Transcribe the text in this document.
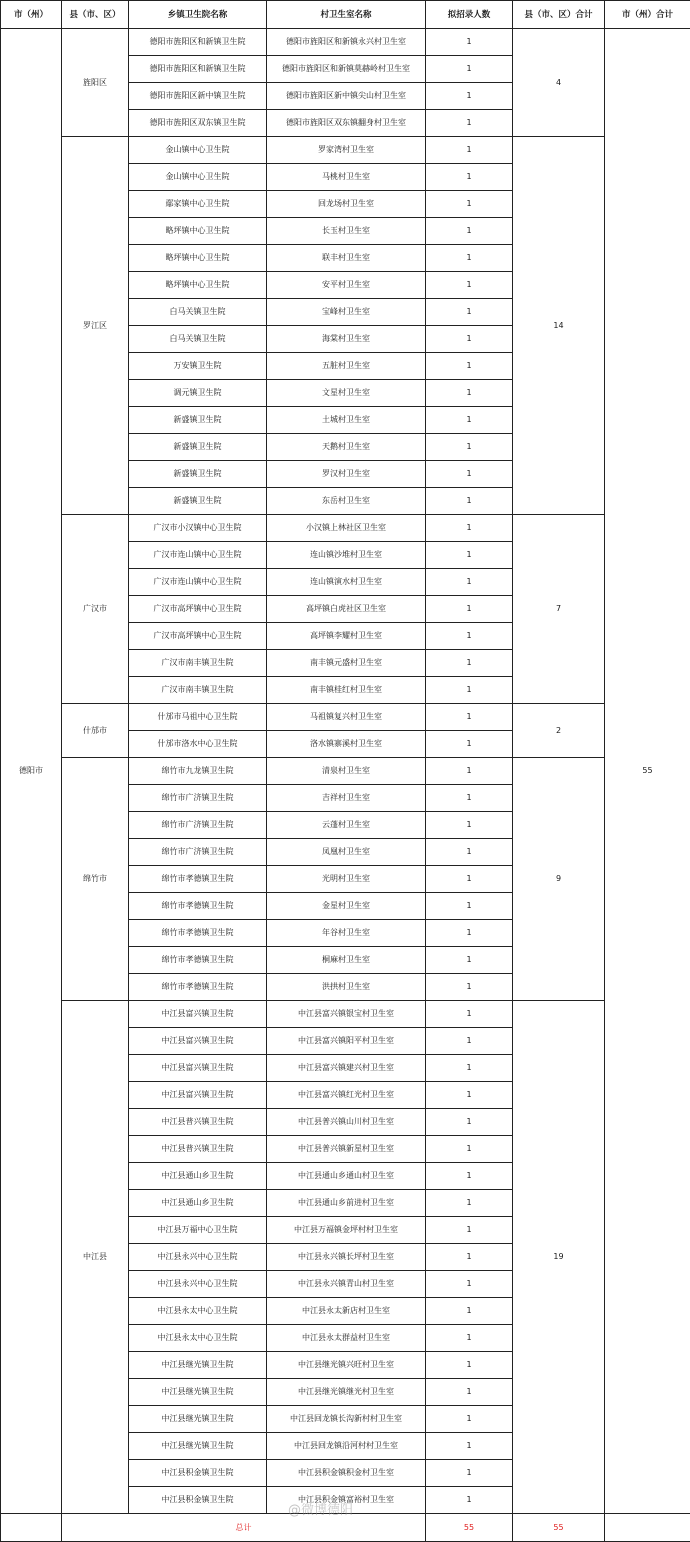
市（州）	县（市、区）	乡镇卫生院名称	村卫生室名称	拟招录人数	县（市、区）合计	市（州）合计
德阳市	旌阳区	德阳市旌阳区和新镇卫生院	德阳市旌阳区和新镇永兴村卫生室	1	4	55
		德阳市旌阳区和新镇卫生院	德阳市旌阳区和新镇莫赫岭村卫生室	1		
		德阳市旌阳区新中镇卫生院	德阳市旌阳区新中镇尖山村卫生室	1		
		德阳市旌阳区双东镇卫生院	德阳市旌阳区双东镇翻身村卫生室	1		
	罗江区	金山镇中心卫生院	罗家湾村卫生室	1	14	
		金山镇中心卫生院	马桃村卫生室	1		
		鄢家镇中心卫生院	回龙场村卫生室	1		
		略坪镇中心卫生院	长玉村卫生室	1		
		略坪镇中心卫生院	联丰村卫生室	1		
		略坪镇中心卫生院	安平村卫生室	1		
		白马关镇卫生院	宝峰村卫生室	1		
		白马关镇卫生院	海棠村卫生室	1		
		万安镇卫生院	五脏村卫生室	1		
		调元镇卫生院	文星村卫生室	1		
		新盛镇卫生院	土城村卫生室	1		
		新盛镇卫生院	天鹅村卫生室	1		
		新盛镇卫生院	罗汉村卫生室	1		
		新盛镇卫生院	东岳村卫生室	1		
	广汉市	广汉市小汉镇中心卫生院	小汉镇上林社区卫生室	1	7	
		广汉市连山镇中心卫生院	连山镇沙堆村卫生室	1		
		广汉市连山镇中心卫生院	连山镇演水村卫生室	1		
		广汉市高坪镇中心卫生院	高坪镇白虎社区卫生室	1		
		广汉市高坪镇中心卫生院	高坪镇李耀村卫生室	1		
		广汉市南丰镇卫生院	南丰镇元盛村卫生室	1		
		广汉市南丰镇卫生院	南丰镇桂红村卫生室	1		
	什邡市	什邡市马祖中心卫生院	马祖镇复兴村卫生室	1	2	
		什邡市洛水中心卫生院	洛水镇寨溪村卫生室	1		
	绵竹市	绵竹市九龙镇卫生院	清泉村卫生室	1	9	
		绵竹市广济镇卫生院	吉祥村卫生室	1		
		绵竹市广济镇卫生院	云蓬村卫生室	1		
		绵竹市广济镇卫生院	凤凰村卫生室	1		
		绵竹市孝德镇卫生院	光明村卫生室	1		
		绵竹市孝德镇卫生院	金星村卫生室	1		
		绵竹市孝德镇卫生院	年谷村卫生室	1		
		绵竹市孝德镇卫生院	桐麻村卫生室	1		
		绵竹市孝德镇卫生院	洪拱村卫生室	1		
	中江县	中江县富兴镇卫生院	中江县富兴镇银宝村卫生室	1	19	
		中江县富兴镇卫生院	中江县富兴镇阳平村卫生室	1		
		中江县富兴镇卫生院	中江县富兴镇建兴村卫生室	1		
		中江县富兴镇卫生院	中江县富兴镇红光村卫生室	1		
		中江县普兴镇卫生院	中江县普兴镇山川村卫生室	1		
		中江县普兴镇卫生院	中江县普兴镇新星村卫生室	1		
		中江县通山乡卫生院	中江县通山乡通山村卫生室	1		
		中江县通山乡卫生院	中江县通山乡前进村卫生室	1		
		中江县万福中心卫生院	中江县万福镇金坪村村卫生室	1		
		中江县永兴中心卫生院	中江县永兴镇长坪村卫生室	1		
		中江县永兴中心卫生院	中江县永兴镇青山村卫生室	1		
		中江县永太中心卫生院	中江县永太新店村卫生室	1		
		中江县永太中心卫生院	中江县永太群益村卫生室	1		
		中江县继光镇卫生院	中江县继光镇兴旺村卫生室	1		
		中江县继光镇卫生院	中江县继光镇继光村卫生室	1		
		中江县继光镇卫生院	中江县回龙镇长沟新村村卫生室	1		
		中江县继光镇卫生院	中江县回龙镇沿河村村卫生室	1		
		中江县积金镇卫生院	中江县积金镇积金村卫生室	1		
		中江县积金镇卫生院	中江县积金镇富裕村卫生室	1		
	总计			55	55	
@微博德阳
